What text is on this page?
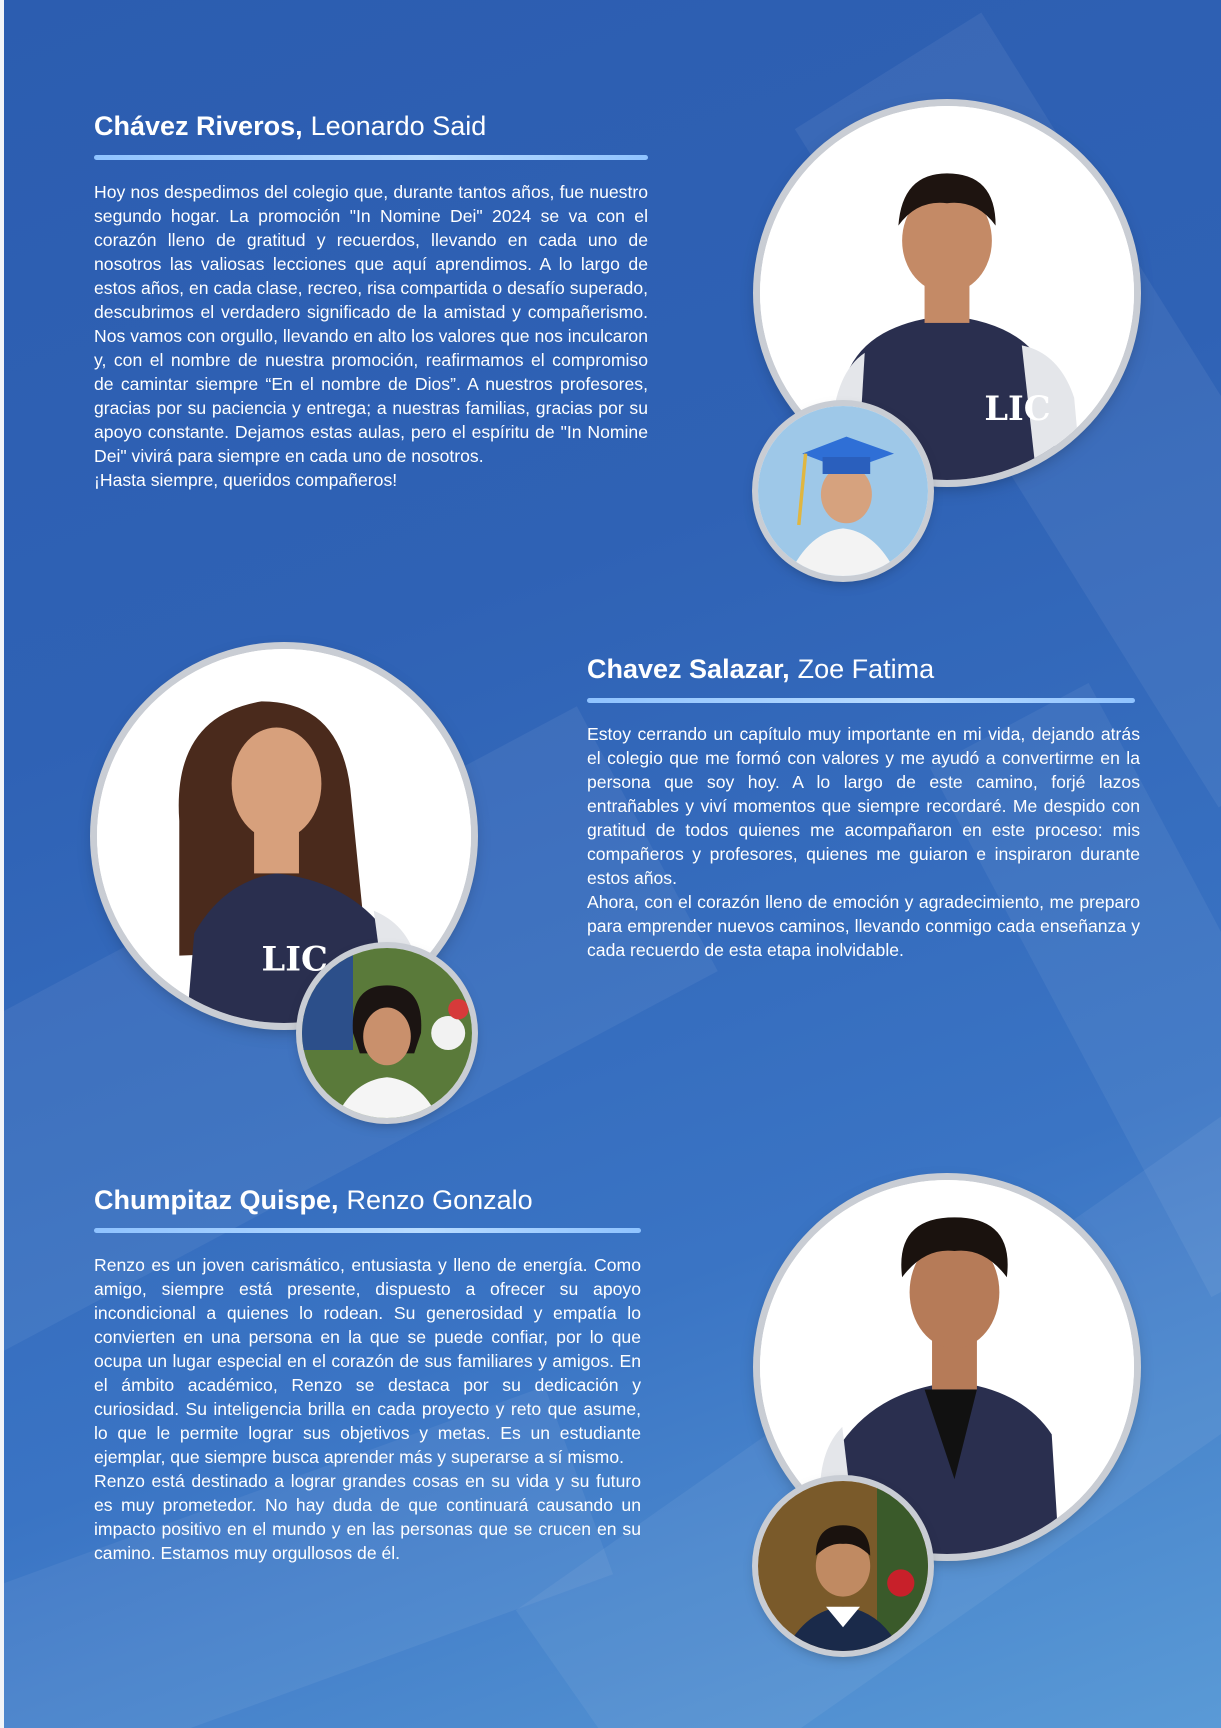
Chávez Riveros, Leonardo Said

Hoy nos despedimos del colegio que, durante tantos años, fue nuestro segundo hogar. La promoción "In Nomine Dei" 2024 se va con el corazón lleno de gratitud y recuerdos, llevando en cada uno de nosotros las valiosas lecciones que aquí aprendimos. A lo largo de estos años, en cada clase, recreo, risa compartida o desafío superado, descubrimos el verdadero significado de la amistad y compañerismo. Nos vamos con orgullo, llevando en alto los valores que nos inculcaron y, con el nombre de nuestra promoción, reafirmamos el compromiso de camintar siempre “En el nombre de Dios”. A nuestros profesores, gracias por su paciencia y entrega; a nuestras familias, gracias por su apoyo constante. Dejamos estas aulas, pero el espíritu de "In Nomine Dei" vivirá para siempre en cada uno de nosotros.

¡Hasta siempre, queridos compañeros!

LIC
Chavez Salazar, Zoe Fatima

Estoy cerrando un capítulo muy importante en mi vida, dejando atrás el colegio que me formó con valores y me ayudó a convertirme en la persona que soy hoy. A lo largo de este camino, forjé lazos entrañables y viví momentos que siempre recordaré. Me despido con gratitud de todos quienes me acompañaron en este proceso: mis compañeros y profesores, quienes me guiaron e inspiraron durante estos años.

Ahora, con el corazón lleno de emoción y agradecimiento, me preparo para emprender nuevos caminos, llevando conmigo cada enseñanza y cada recuerdo de esta etapa inolvidable.

LIC
Chumpitaz Quispe, Renzo Gonzalo

Renzo es un joven carismático, entusiasta y lleno de energía. Como amigo, siempre está presente, dispuesto a ofrecer su apoyo incondicional a quienes lo rodean. Su generosidad y empatía lo convierten en una persona en la que se puede confiar, por lo que ocupa un lugar especial en el corazón de sus familiares y amigos. En el ámbito académico, Renzo se destaca por su dedicación y curiosidad. Su inteligencia brilla en cada proyecto y reto que asume, lo que le permite lograr sus objetivos y metas. Es un estudiante ejemplar, que siempre busca aprender más y superarse a sí mismo.

Renzo está destinado a lograr grandes cosas en su vida y su futuro es muy prometedor. No hay duda de que continuará causando un impacto positivo en el mundo y en las personas que se crucen en su camino. Estamos muy orgullosos de él.
